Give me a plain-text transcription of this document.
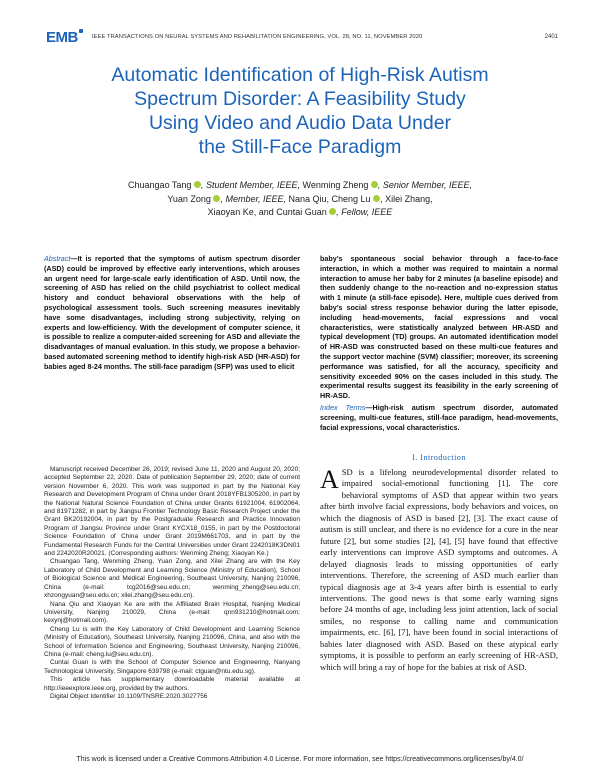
EMB	IEEE TRANSACTIONS ON NEURAL SYSTEMS AND REHABILITATION ENGINEERING, VOL. 28, NO. 11, NOVEMBER 2020	2401
Automatic Identification of High-Risk Autism
Spectrum Disorder: A Feasibility Study
Using Video and Audio Data Under
the Still-Face Paradigm
Chuangao Tang , Student Member, IEEE, Wenming Zheng , Senior Member, IEEE,
Yuan Zong , Member, IEEE, Nana Qiu, Cheng Lu , Xilei Zhang,
Xiaoyan Ke, and Cuntai Guan , Fellow, IEEE
Abstract—It is reported that the symptoms of autism spectrum disorder (ASD) could be improved by effective early interventions, which arouses an urgent need for large-scale early identification of ASD. Until now, the screening of ASD has relied on the child psychiatrist to collect medical history and conduct behavioral observations with the help of psychological assessment tools. Such screening measures inevitably have some disadvantages, including strong subjectivity, relying on experts and low-efficiency. With the development of computer science, it is possible to realize a computer-aided screening for ASD and alleviate the disadvantages of manual evaluation. In this study, we propose a behavior-based automated screening method to identify high-risk ASD (HR-ASD) for babies aged 8-24 months. The still-face paradigm (SFP) was used to elicit
baby’s spontaneous social behavior through a face-to-face interaction, in which a mother was required to maintain a normal interaction to amuse her baby for 2 minutes (a baseline episode) and then suddenly change to the no-reaction and no-expression status with 1 minute (a still-face episode). Here, multiple cues derived from baby’s social stress response behavior during the latter episode, including head-movements, facial expressions and vocal characteristics, were statistically analyzed between HR-ASD and typical development (TD) groups. An automated identification model of HR-ASD was constructed based on these multi-cue features and the support vector machine (SVM) classifier; moreover, its screening performance was satisfied, for all the accuracy, specificity and sensitivity exceeded 90% on the cases included in this study. The experimental results suggest its feasibility in the early screening of HR-ASD.
Index Terms—High-risk autism spectrum disorder, automated screening, multi-cue features, still-face paradigm, head-movements, facial expressions, vocal characteristics.

Manuscript received December 26, 2019; revised June 11, 2020 and August 20, 2020; accepted September 22, 2020. Date of publication September 29, 2020; date of current version November 6, 2020. This work was supported in part by the National Key Research and Development Program of China under Grant 2018YFB1305200, in part by the National Natural Science Foundation of China under Grants 61921004, 61902064, and 81971282, in part by Jiangsu Frontier Technology Basic Research Project under the Grant BK20192004, in part by the Postgraduate Research and Practice Innovation Program of Jiangsu Province under Grant KYCX18_0155, in part by the Postdoctoral Science Foundation of China under Grant 2019M661703, and in part by the Fundamental Research Funds for the Central Universities under Grant 2242018K3DN01 and 2242020R20021. (Corresponding authors: Wenming Zheng; Xiaoyan Ke.)

Chuangao Tang, Wenming Zheng, Yuan Zong, and Xilei Zhang are with the Key Laboratory of Child Development and Learning Science (Ministry of Education), School of Biological Science and Medical Engineering, Southeast University, Nanjing 210096, China (e-mail: tcg2016@seu.edu.cn; wenming_zheng@seu.edu.cn; xhzongyuan@seu.edu.cn; xilei.zhang@seu.edu.cn).

Nana Qiu and Xiaoyan Ke are with the Affiliated Brain Hospital, Nanjing Medical University, Nanjing 210029, China (e-mail: qnn931210@hotmail.com; kexynj@hotmail.com).

Cheng Lu is with the Key Laboratory of Child Development and Learning Science (Ministry of Education), Southeast University, Nanjing 210096, China, and also with the School of Information Science and Engineering, Southeast University, Nanjing 210096, China (e-mail: cheng.lu@seu.edu.cn).

Cuntai Guan is with the School of Computer Science and Engineering, Nanyang Technological University, Singapore 639798 (e-mail: ctguan@ntu.edu.sg).

This article has supplementary downloadable material available at http://ieeexplore.ieee.org, provided by the authors.

Digital Object Identifier 10.1109/TNSRE.2020.3027756

I. Introduction
ASD is a lifelong neurodevelopmental disorder related to impaired social-emotional functioning [1]. The core behavioral symptoms of ASD that appear within two years after birth involve facial expressions, body behaviors and voices, on which the diagnosis of ASD is based [2], [3]. The exact cause of autism is still unclear, and there is no evidence for a cure in the near future [2], but some studies [2], [4], [5] have found that effective early interventions can improve ASD symptoms and outcomes. A delayed diagnosis leads to missing opportunities of early interventions. Therefore, the screening of ASD much earlier than typical diagnosis age at 3-4 years after birth is essential to early interventions. The good news is that some early warning signs before 24 months of age, including less joint attention, lack of social smiles, no response to calling name and communication impairments, etc. [6], [7], have been found in social interactions of babies later diagnosed with ASD. Based on these atypical early symptoms, it is possible to perform an early screening of HR-ASD, which will bring a ray of hope for the babies at risk of ASD.
This work is licensed under a Creative Commons Attribution 4.0 License. For more information, see https://creativecommons.org/licenses/by/4.0/
